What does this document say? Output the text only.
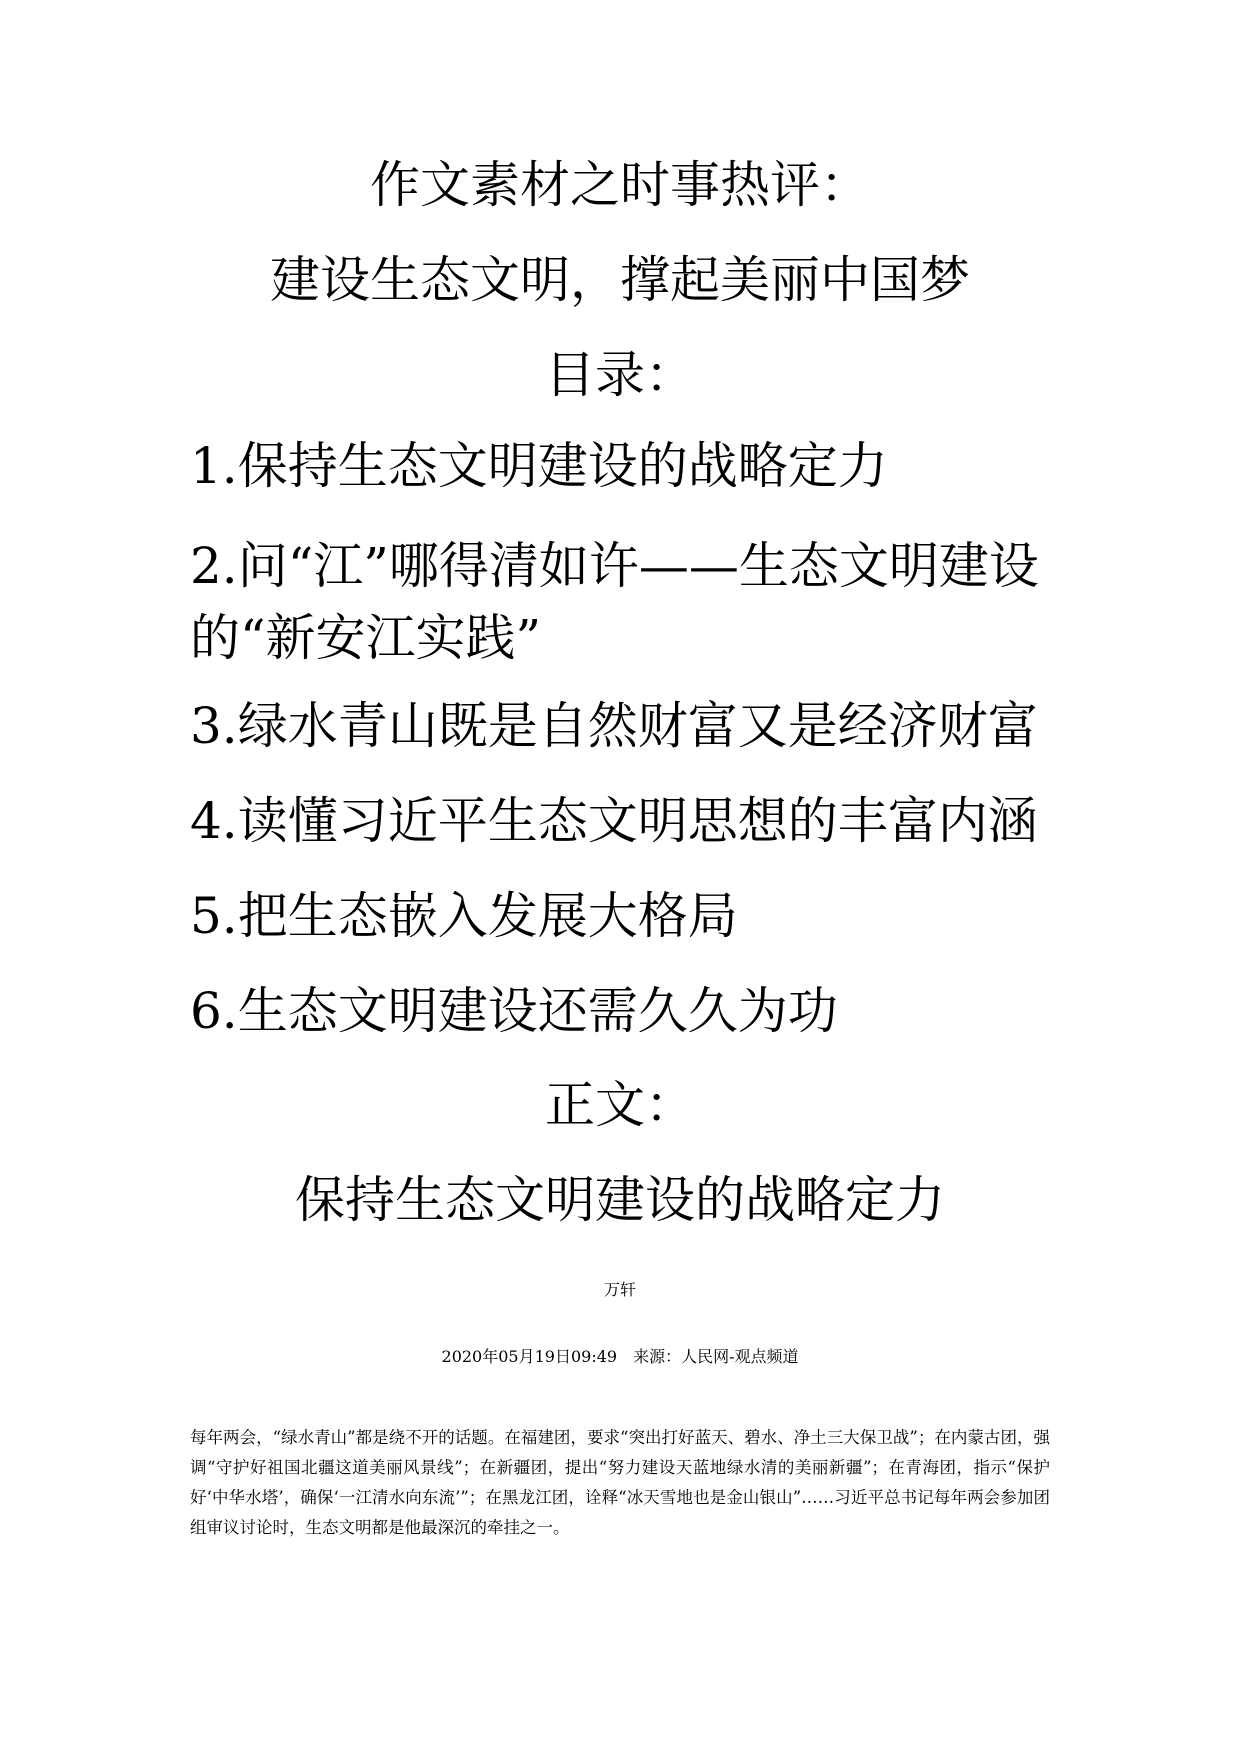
作文素材之时事热评：
建设生态文明，撑起美丽中国梦
目录：
1.保持生态文明建设的战略定力
2.问“江”哪得清如许——生态文明建设的“新安江实践”
3.绿水青山既是自然财富又是经济财富
4.读懂习近平生态文明思想的丰富内涵
5.把生态嵌入发展大格局
6.生态文明建设还需久久为功
正文：
保持生态文明建设的战略定力
万轩
2020年05月19日09:49　来源：人民网-观点频道
每年两会，“绿水青山”都是绕不开的话题。在福建团，要求“突出打好蓝天、碧水、净土三大保卫战”；在内蒙古团，强调“守护好祖国北疆这道美丽风景线”；在新疆团，提出“努力建设天蓝地绿水清的美丽新疆”；在青海团，指示“保护好‘中华水塔’，确保‘一江清水向东流’”；在黑龙江团，诠释“冰天雪地也是金山银山”……习近平总书记每年两会参加团组审议讨论时，生态文明都是他最深沉的牵挂之一。
